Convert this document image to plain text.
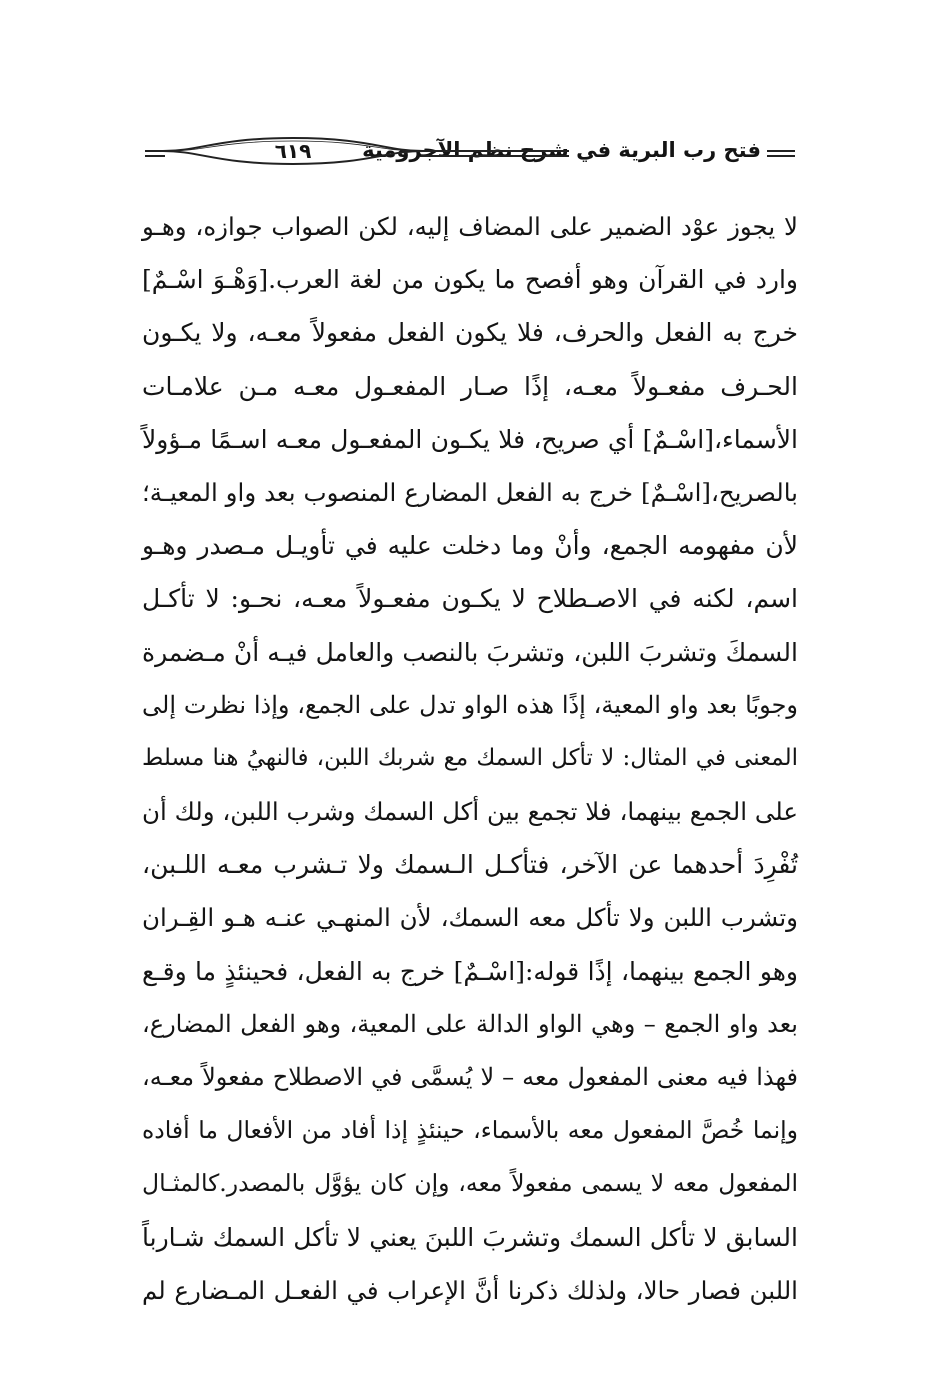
فتح رب البرية في شرح نظم الآجرومية
٦١٩
لا يجوز عوْد الضمير على المضاف إليه، لكن الصواب جوازه، وهـو
وارد في القرآن وهو أفصح ما يكون من لغة العرب.[وَهْـوَ اسْـمٌ]
خرج به الفعل والحرف، فلا يكون الفعل مفعولاً معـه، ولا يكـون
الحـرف مفعـولاً معـه، إذًا صـار المفعـول معـه مـن علامـات
الأسماء،[اسْـمٌ] أي صريح، فلا يكـون المفعـول معـه اسـمًا مـؤولاً
بالصريح،[اسْـمٌ] خرج به الفعل المضارع المنصوب بعد واو المعيـة؛
لأن مفهومه الجمع، وأنْ وما دخلت عليه في تأويـل مـصدر وهـو
اسم، لكنه في الاصـطلاح لا يكـون مفعـولاً معـه، نحـو: لا تأكـل
السمكَ وتشربَ اللبن، وتشربَ بالنصب والعامل فيـه أنْ مـضمرة
وجوبًا بعد واو المعية، إذًا هذه الواو تدل على الجمع، وإذا نظرت إلى
المعنى في المثال: لا تأكل السمك مع شربك اللبن، فالنهيُ هنا مسلط
على الجمع بينهما، فلا تجمع بين أكل السمك وشرب اللبن، ولك أن
تُفْرِدَ أحدهما عن الآخر، فتأكـل الـسمك ولا تـشرب معـه اللـبن،
وتشرب اللبن ولا تأكل معه السمك، لأن المنهـي عنـه هـو القِـران
وهو الجمع بينهما، إذًا قوله:[اسْـمٌ] خرج به الفعل، فحينئذٍ ما وقـع
بعد واو الجمع – وهي الواو الدالة على المعية، وهو الفعل المضارع،
فهذا فيه معنى المفعول معه – لا يُسمَّى في الاصطلاح مفعولاً معـه،
وإنما خُصَّ المفعول معه بالأسماء، حينئذٍ إذا أفاد من الأفعال ما أفاده
المفعول معه لا يسمى مفعولاً معه، وإن كان يؤوَّل بالمصدر.كالمثـال
السابق لا تأكل السمك وتشربَ اللبنَ يعني لا تأكل السمك شـارباً
اللبن فصار حالا، ولذلك ذكرنا أنَّ الإعراب في الفعـل المـضارع لم
